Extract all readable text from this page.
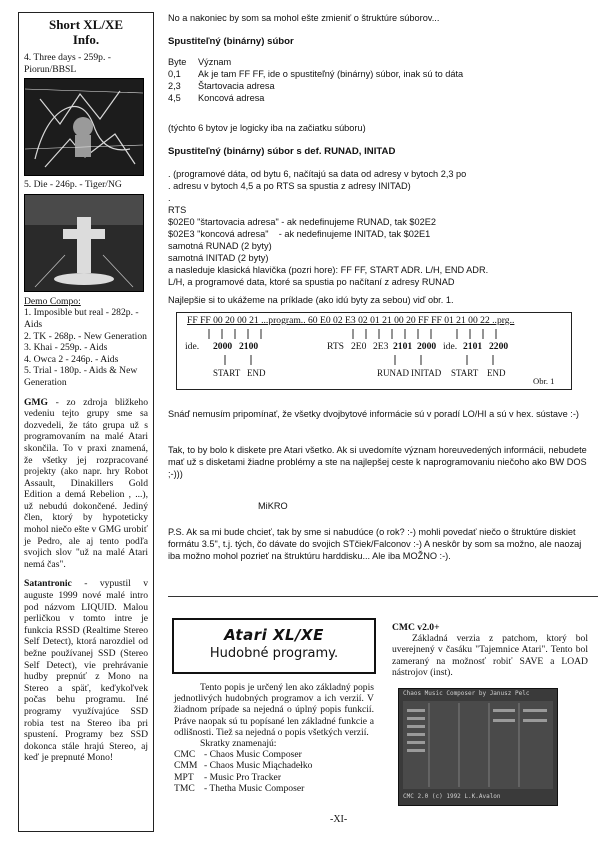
Short XL/XE
Info.
4. Three days - 259p. - Piorun/BBSL
5. Die - 246p. - Tiger/NG
Demo Compo:
1. Imposible but real - 282p. - Aids
2. TK - 268p. - New Generation
3. Khai - 259p. - Aids
4. Owca 2 - 246p. - Aids
5. Trial - 180p. - Aids & New Generation
GMG - zo zdroja bližkeho vedeniu tejto grupy sme sa dozvedeli, že táto grupa už s programovaním na malé Atari skončila. To v praxi znamená, že všetky jej rozpracované projekty (ako napr. hry Robot Assault, Dinakillers Gold Edition a demá Rebelion , ...), už nebudú dokončené. Jediný člen, ktorý by hypoteticky mohol niečo ešte v GMG urobiť je Pedro, ale aj tento podľa svojich slov "už na malé Atari nemá čas".
Satantronic - vypustil v auguste 1999 nové malé intro pod názvom LIQUID. Malou perličkou v tomto intre je funkcia RSSD (Realtime Stereo Self Detect), ktorá narozdiel od bežne používanej SSD (Stereo Self Detect), vie prehrávanie hudby prepnúť z Mono na Stereo a späť, keďykoľvek počas behu programu. Iné programy využívajúce SSD robia test na Stereo iba pri spustení. Programy bez SSD dokonca stále hrajú Stereo, aj keď je prepnuté Mono!
No a nakoniec by som sa mohol ešte zmieniť o štruktúre súborov...
Spustiteľný (binárny) súbor
Byte	Význam
0,1	Ak je tam FF FF, ide o spustiteľný (binárny) súbor, inak sú to dáta
2,3	Štartovacia adresa
4,5	Koncová adresa
(týchto 6 bytov je logicky iba na začiatku súboru)
Spustiteľný (binárny) súbor s def. RUNAD, INITAD
. (programové dáta, od bytu 6, načítajú sa data od adresy v bytoch 2,3 po
. adresu v bytoch 4,5 a po RTS sa spustia z adresy INITAD)
.
RTS
$02E0 "štartovacia adresa" - ak nedefinujeme RUNAD, tak $02E2
$02E3 "koncová adresa"    - ak nedefinujeme INITAD, tak $02E1
samotná RUNAD (2 byty)
samotná INITAD (2 byty)
a nasleduje klasická hlavička (pozri hore): FF FF, START ADR. L/H, END ADR.
L/H, a programové data, ktoré sa spustia po načítaní z adresy RUNAD
Najlepšie si to ukážeme na príklade (ako idú byty za sebou) viď obr. 1.
FF FF 00 20 00 21 ...program.. 60 E0 02 E3 02 01 21 00 20 FF FF 01 21 00 22 ..prg..
ide. 2000 2100	RTS 2E0 2E3 2101 2000 ide. 2101 2200
START END	RUNAD INITAD START END
Obr. 1
Snáď nemusím pripomínať, že všetky dvojbytové informácie sú v poradí LO/HI a sú v hex. sústave :-)
Tak, to by bolo k diskete pre Atari všetko. Ak si uvedomíte význam horeuvedených informácii, nebudete mať už s disketami žiadne problémy a ste na najlepšej ceste k naprogramovaniu niečoho ako BW DOS ;-)))
MiKRO
P.S. Ak sa mi bude chcieť, tak by sme si nabudúce (o rok? :-) mohli povedať niečo o štruktúre diskiet formátu 3.5", t.j. tých, čo dávate do svojich STčiek/Falconov :-) A neskôr by som sa možno, ale naozaj iba možno mohol pozrieť na štruktúru harddisku... Ale iba MOŽNO :-).
Atari XL/XE
Hudobné programy.
Tento popis je určený len ako základný popis jednotlivých hudobných programov a ich verzií. V žiadnom prípade sa nejedná o úplný popis funkcií. Práve naopak sú tu popísané len základné funkcie a odlišnosti. Tiež sa nejedná o popis všetkých verzií.
Skratky znamenajú:
CMC - Chaos Music Composer
CMM - Chaos Music Miąchadełko
MPT	- Music Pro Tracker
TMC - Thetha Music Composer
CMC v2.0+
Základná verzia z patchom, ktorý bol uverejnený v časáku "Tajemnice Atari". Tento bol zameraný na možnosť robiť SAVE a LOAD nástrojov (inst).
Chaos Music Composer by Janusz Pelc
CMC 2.0 (c) 1992 L.K.Avalon
-XI-
